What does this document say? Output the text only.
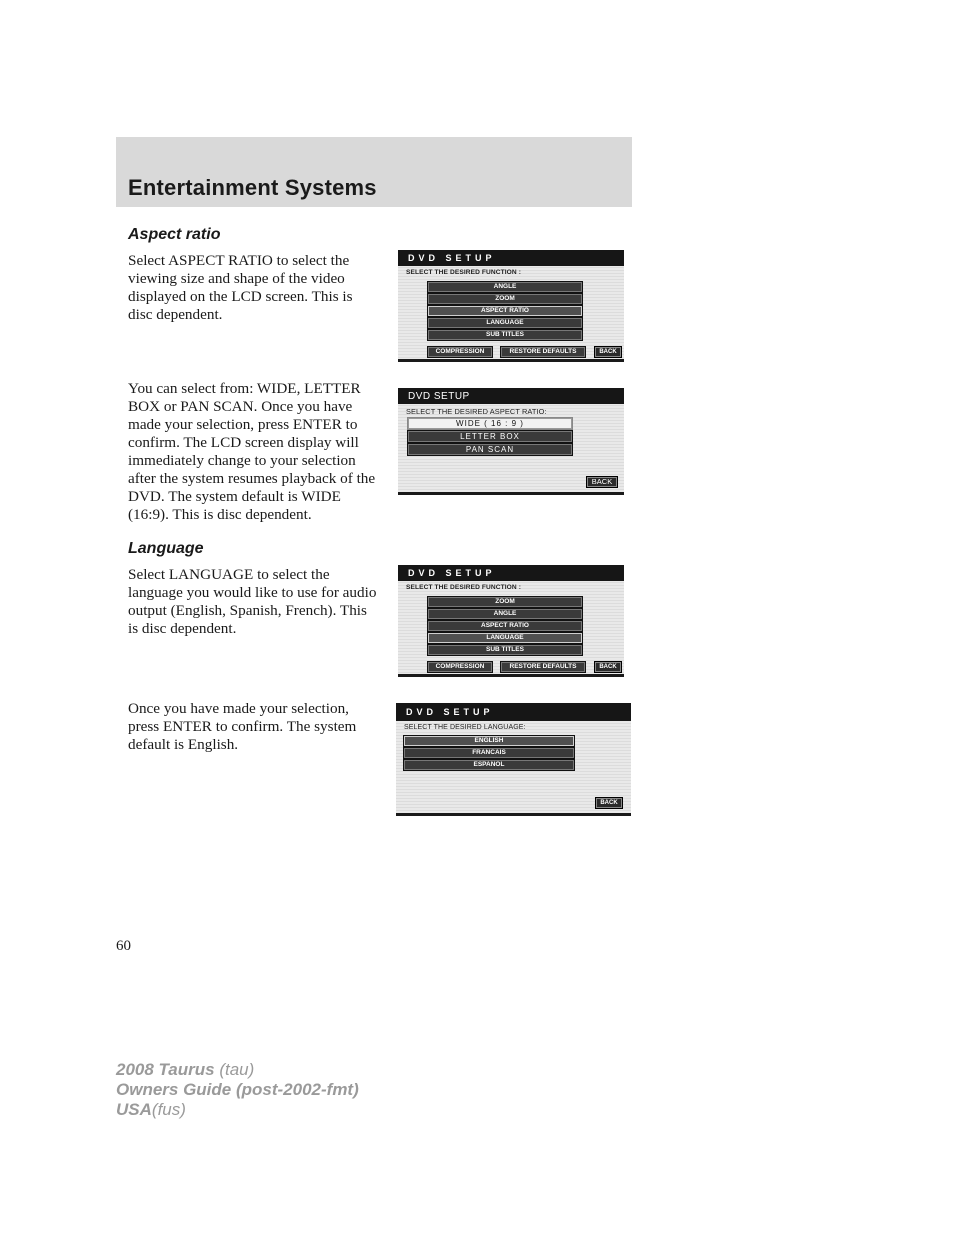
Entertainment Systems
Aspect ratio

Select ASPECT RATIO to select the viewing size and shape of the video displayed on the LCD screen. This is disc dependent.

You can select from: WIDE, LETTER BOX or PAN SCAN. Once you have made your selection, press ENTER to confirm. The LCD screen display will immediately change to your selection after the system resumes playback of the DVD. The system default is WIDE (16:9). This is disc dependent.

Language

Select LANGUAGE to select the language you would like to use for audio output (English, Spanish, French). This is disc dependent.

Once you have made your selection, press ENTER to confirm. The system default is English.

DVD SETUP
SELECT THE DESIRED FUNCTION :
ANGLE
ZOOM
ASPECT RATIO
LANGUAGE
SUB TITLES
COMPRESSION	RESTORE DEFAULTS	BACK
DVD SETUP
SELECT THE DESIRED ASPECT RATIO:
WIDE ( 16 : 9 )
LETTER BOX
PAN SCAN
BACK
DVD SETUP
SELECT THE DESIRED FUNCTION :
ZOOM
ANGLE
ASPECT RATIO
LANGUAGE
SUB TITLES
COMPRESSION	RESTORE DEFAULTS	BACK
DVD SETUP
SELECT THE DESIRED LANGUAGE:
ENGLISH
FRANCAIS
ESPANOL
BACK
60
2008 Taurus (tau)
Owners Guide (post-2002-fmt)
USA(fus)
